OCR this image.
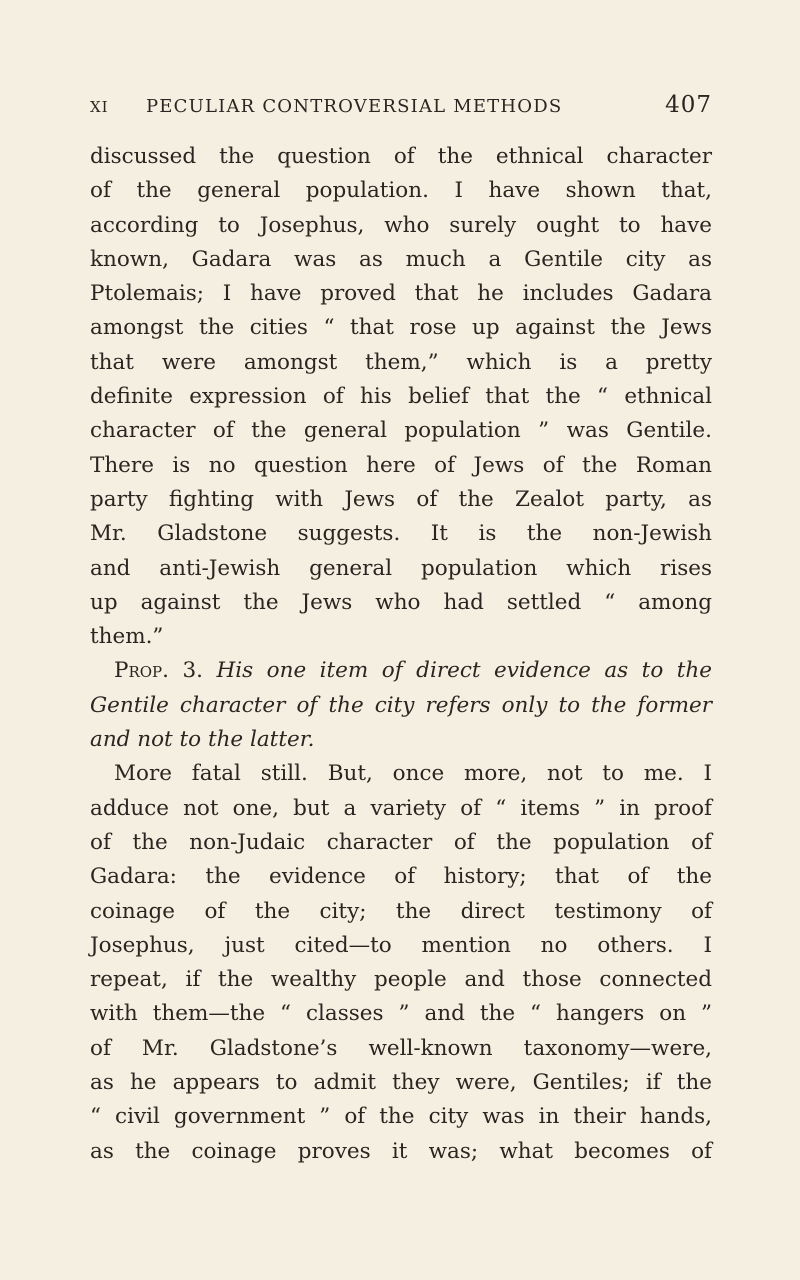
XI PECULIAR CONTROVERSIAL METHODS	407
discussed the question of the ethnical character
of the general population. I have shown that,
according to Josephus, who surely ought to have
known, Gadara was as much a Gentile city as
Ptolemais; I have proved that he includes Gadara
amongst the cities “ that rose up against the Jews
that were amongst them,” which is a pretty
definite expression of his belief that the “ ethnical
character of the general population ” was Gentile.
There is no question here of Jews of the Roman
party fighting with Jews of the Zealot party, as
Mr. Gladstone suggests. It is the non-Jewish
and anti-Jewish general population which rises
up against the Jews who had settled “ among
them.”
Prop. 3. His one item of direct evidence as to the
Gentile character of the city refers only to the former
and not to the latter.
More fatal still. But, once more, not to me. I
adduce not one, but a variety of “ items ” in proof
of the non-Judaic character of the population of
Gadara: the evidence of history; that of the
coinage of the city; the direct testimony of
Josephus, just cited—to mention no others. I
repeat, if the wealthy people and those connected
with them—the “ classes ” and the “ hangers on ”
of Mr. Gladstone’s well-known taxonomy—were,
as he appears to admit they were, Gentiles; if the
“ civil government ” of the city was in their hands,
as the coinage proves it was; what becomes of
